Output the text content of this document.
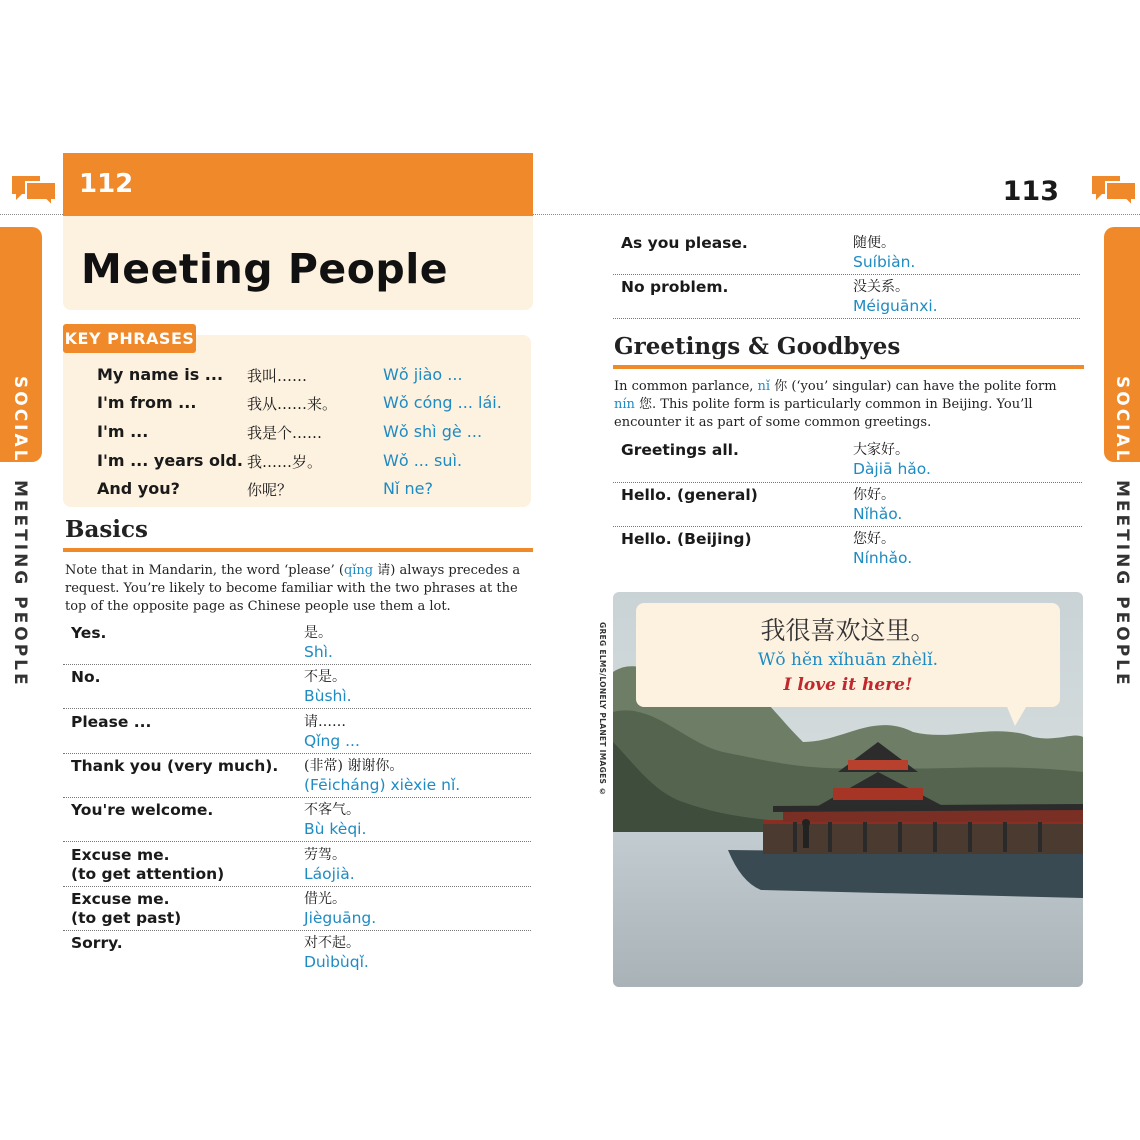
112
Meeting People
SOCIAL
MEETING PEOPLE
KEY PHRASES
My name is ... 我叫……	Wǒ jiào ...
I'm from ...	我从……来。	Wǒ cóng ... lái.
I'm ...	我是个……	Wǒ shì gè ...
I'm ... years old. 我……岁。	Wǒ ... suì.
And you?	你呢？	Nǐ ne?
Basics
Note that in Mandarin, the word ‘please’ (qǐng 请) always precedes a request. You’re likely to become familiar with the two phrases at the top of the opposite page as Chinese people use them a lot.
Yes.	是。
Shì.
No.	不是。
Bùshì.
Please ...	请……
Qǐng ...
Thank you (very much). (非常) 谢谢你。
(Fēicháng) xièxie nǐ.
You're welcome.	不客气。
Bù kèqi.
Excuse me.
(to get attention)
劳驾。
Láojià.
Excuse me.
(to get past)
借光。
Jièguāng.
Sorry.	对不起。
Duìbùqǐ.
113
SOCIAL
MEETING PEOPLE
As you please.	随便。
Suíbiàn.
No problem.	没关系。
Méiguānxi.
Greetings & Goodbyes
In common parlance, nǐ 你 (‘you’ singular) can have the polite form nín 您. This polite form is particularly common in Beijing. You’ll encounter it as part of some common greetings.
Greetings all.	大家好。
Dàjiā hǎo.
Hello. (general)	你好。
Nǐhǎo.
Hello. (Beijing)	您好。
Nínhǎo.
GREG ELMS/LONELY PLANET IMAGES ©	我很喜欢这里。
Wǒ hěn xǐhuān zhèlǐ.
I love it here!
